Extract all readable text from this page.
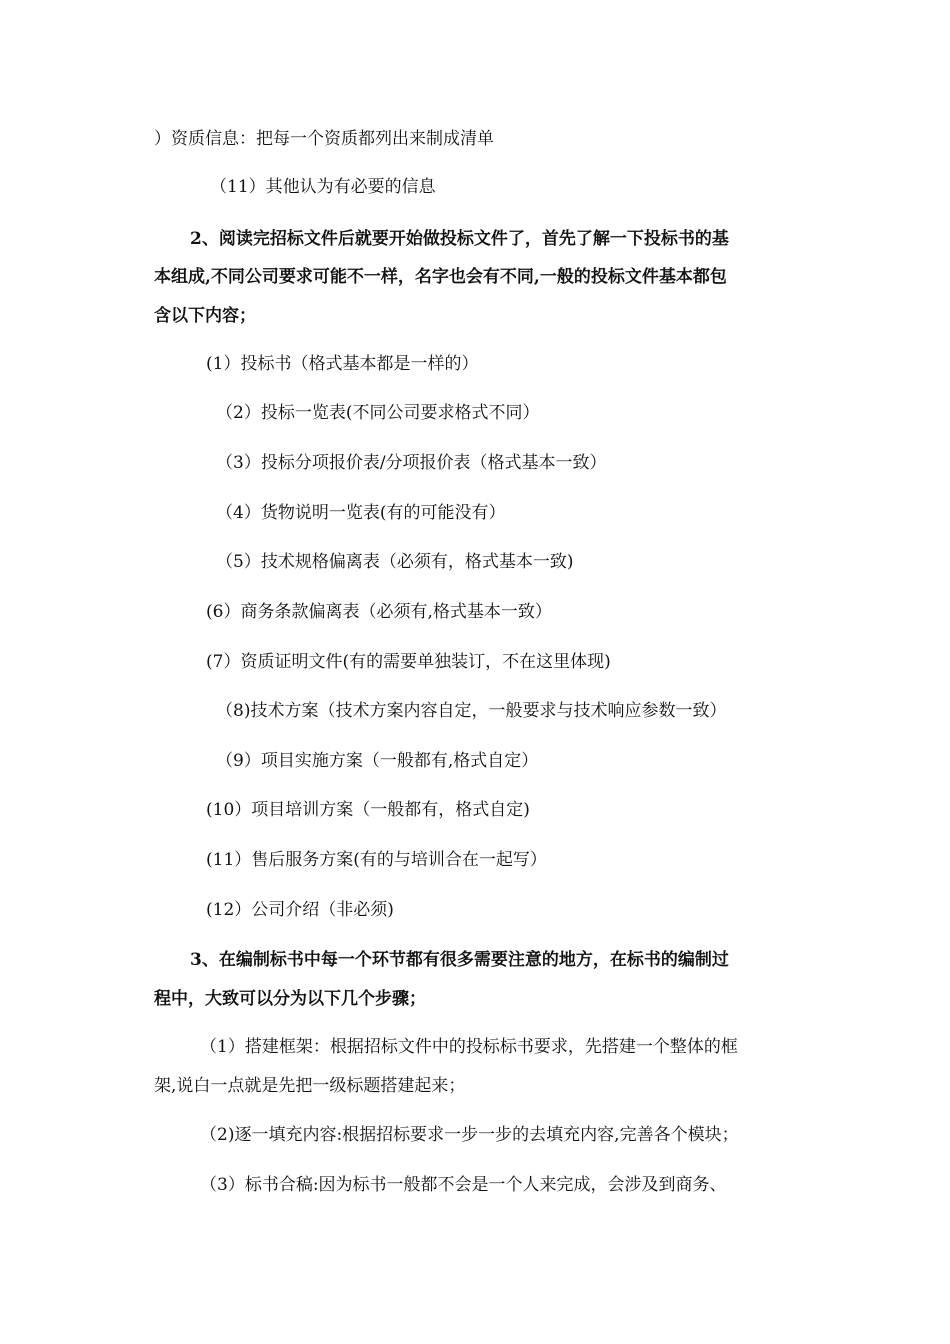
）资质信息：把每一个资质都列出来制成清单

（11）其他认为有必要的信息

2、阅读完招标文件后就要开始做投标文件了，首先了解一下投标书的基

本组成,不同公司要求可能不一样，名字也会有不同,一般的投标文件基本都包

含以下内容；

(1）投标书（格式基本都是一样的）

（2）投标一览表(不同公司要求格式不同）

（3）投标分项报价表/分项报价表（格式基本一致）

（4）货物说明一览表(有的可能没有）

（5）技术规格偏离表（必须有，格式基本一致)

(6）商务条款偏离表（必须有,格式基本一致）

(7）资质证明文件(有的需要单独装订，不在这里体现)

（8)技术方案（技术方案内容自定，一般要求与技术响应参数一致）

（9）项目实施方案（一般都有,格式自定）

(10）项目培训方案（一般都有，格式自定)

(11）售后服务方案(有的与培训合在一起写）

(12）公司介绍（非必须)

3、在编制标书中每一个环节都有很多需要注意的地方，在标书的编制过

程中，大致可以分为以下几个步骤；

（1）搭建框架：根据招标文件中的投标标书要求，先搭建一个整体的框

架,说白一点就是先把一级标题搭建起来；

（2)逐一填充内容:根据招标要求一步一步的去填充内容,完善各个模块；

（3）标书合稿:因为标书一般都不会是一个人来完成，会涉及到商务、
